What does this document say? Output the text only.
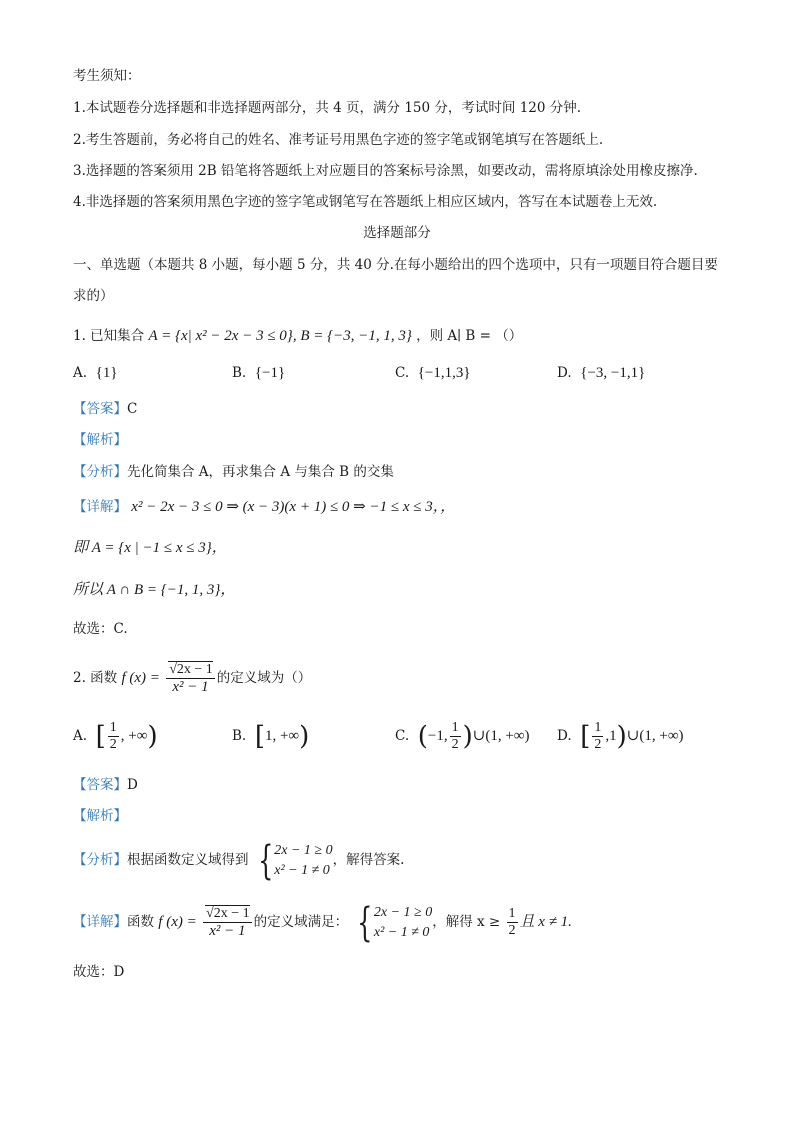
考生须知：
1.本试题卷分选择题和非选择题两部分，共 4 页，满分 150 分，考试时间 120 分钟.
2.考生答题前，务必将自己的姓名、准考证号用黑色字迹的签字笔或钢笔填写在答题纸上.
3.选择题的答案须用 2B 铅笔将答题纸上对应题目的答案标号涂黑，如要改动，需将原填涂处用橡皮擦净.
4.非选择题的答案须用黑色字迹的签字笔或钢笔写在答题纸上相应区域内，答写在本试题卷上无效.
选择题部分
一、单选题（本题共 8 小题，每小题 5 分，共 40 分.在每小题给出的四个选项中，只有一项题目符合题目要
求的）
1. 已知集合 A = {x| x² − 2x − 3 ≤ 0}, B = {−3, −1, 1, 3} ，则 A∣ B = （）
A. {1}	B. {−1}	C. {−1,1,3}	D. {−3, −1,1}
【答案】C
【解析】
【分析】先化简集合 A，再求集合 A 与集合 B 的交集
【详解】 x² − 2x − 3 ≤ 0 ⇒ (x − 3)(x + 1) ≤ 0 ⇒ −1 ≤ x ≤ 3，，
即 A = {x | −1 ≤ x ≤ 3}，
所以 A ∩ B = {−1, 1, 3}，
故选：C.
2. 函数 f $(x) = \frac{√2x - 1}{\text{x² − 1}}$ 的定义域为（）
A. [ $\frac{1}{2}$ , +∞)	B. [1, +∞)	C. (−1, $\frac{1}{2}$ )∪(1, +∞) D. [ $\frac{1}{2}$ ,1)∪(1, +∞)
【答案】D
【解析】
【分析】根据函数定义域得到 { 2x − 1 ≥ 0
x² − 1 ≠ 0
，解得答案.
【详解】函数 f $(x) = \frac{√2x - 1}{\text{x² − 1}}$ 的定义域满足： { 2x − 1 ≥ 0
x² − 1 ≠ 0
，解得 $x \ge \frac{1}{2}$ 且 x ≠ 1.
故选：D
